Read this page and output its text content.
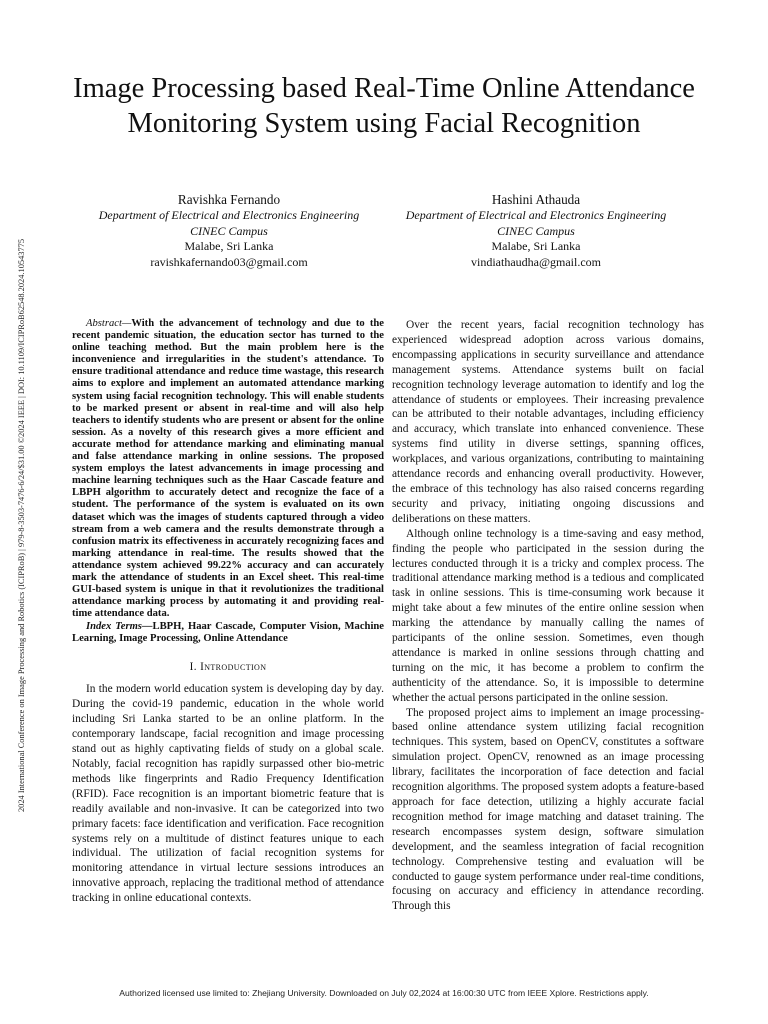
2024 International Conference on Image Processing and Robotics (ICIPRoB) | 979-8-3503-7476-6/24/$31.00 ©2024 IEEE | DOI: 10.1109/ICIPRoB62548.2024.10543775
Image Processing based Real-Time Online Attendance Monitoring System using Facial Recognition
Ravishka Fernando
Department of Electrical and Electronics Engineering
CINEC Campus
Malabe, Sri Lanka
ravishkafernando03@gmail.com
Hashini Athauda
Department of Electrical and Electronics Engineering
CINEC Campus
Malabe, Sri Lanka
vindiathaudha@gmail.com

Abstract—With the advancement of technology and due to the recent pandemic situation, the education sector has turned to the online teaching method. But the main problem here is the inconvenience and irregularities in the student's attendance. To ensure traditional attendance and reduce time wastage, this research aims to explore and implement an automated attendance marking system using facial recognition technology. This will enable students to be marked present or absent in real-time and will also help teachers to identify students who are present or absent for the online session. As a novelty of this research gives a more efficient and accurate method for attendance marking and eliminating manual and false attendance marking in online sessions. The proposed system employs the latest advancements in image processing and machine learning techniques such as the Haar Cascade feature and LBPH algorithm to accurately detect and recognize the face of a student. The performance of the system is evaluated on its own dataset which was the images of students captured through a video stream from a web camera and the results demonstrate through a confusion matrix its effectiveness in accurately recognizing faces and marking attendance in real-time. The results showed that the attendance system achieved 99.22% accuracy and can accurately mark the attendance of students in an Excel sheet. This real-time GUI-based system is unique in that it revolutionizes the traditional attendance marking process by automating it and providing real-time attendance data.

Index Terms—LBPH, Haar Cascade, Computer Vision, Machine Learning, Image Processing, Online Attendance

I. Introduction

In the modern world education system is developing day by day. During the covid-19 pandemic, education in the whole world including Sri Lanka started to be an online platform. In the contemporary landscape, facial recognition and image processing stand out as highly captivating fields of study on a global scale. Notably, facial recognition has rapidly surpassed other bio-metric methods like fingerprints and Radio Frequency Identification (RFID). Face recognition is an important biometric feature that is readily available and non-invasive. It can be categorized into two primary facets: face identification and verification. Face recognition systems rely on a multitude of distinct features unique to each individual. The utilization of facial recognition systems for monitoring attendance in virtual lecture sessions introduces an innovative approach, replacing the traditional method of attendance tracking in online educational contexts.

Over the recent years, facial recognition technology has experienced widespread adoption across various domains, encompassing applications in security surveillance and attendance management systems. Attendance systems built on facial recognition technology leverage automation to identify and log the attendance of students or employees. Their increasing prevalence can be attributed to their notable advantages, including efficiency and accuracy, which translate into enhanced convenience. These systems find utility in diverse settings, spanning offices, workplaces, and various organizations, contributing to maintaining attendance records and enhancing overall productivity. However, the embrace of this technology has also raised concerns regarding security and privacy, initiating ongoing discussions and deliberations on these matters.

Although online technology is a time-saving and easy method, finding the people who participated in the session during the lectures conducted through it is a tricky and complex process. The traditional attendance marking method is a tedious and complicated task in online sessions. This is time-consuming work because it might take about a few minutes of the entire online session when marking the attendance by manually calling the names of participants of the online session. Sometimes, even though attendance is marked in online sessions through chatting and turning on the mic, it has become a problem to confirm the authenticity of the attendance. So, it is impossible to determine whether the actual persons participated in the online session.

The proposed project aims to implement an image processing-based online attendance system utilizing facial recognition techniques. This system, based on OpenCV, constitutes a software simulation project. OpenCV, renowned as an image processing library, facilitates the incorporation of face detection and facial recognition algorithms. The proposed system adopts a feature-based approach for face detection, utilizing a highly accurate facial recognition method for image matching and dataset training. The research encompasses system design, software simulation development, and the seamless integration of facial recognition technology. Comprehensive testing and evaluation will be conducted to gauge system performance under real-time conditions, focusing on accuracy and efficiency in attendance recording. Through this

Authorized licensed use limited to: Zhejiang University. Downloaded on July 02,2024 at 16:00:30 UTC from IEEE Xplore. Restrictions apply.
